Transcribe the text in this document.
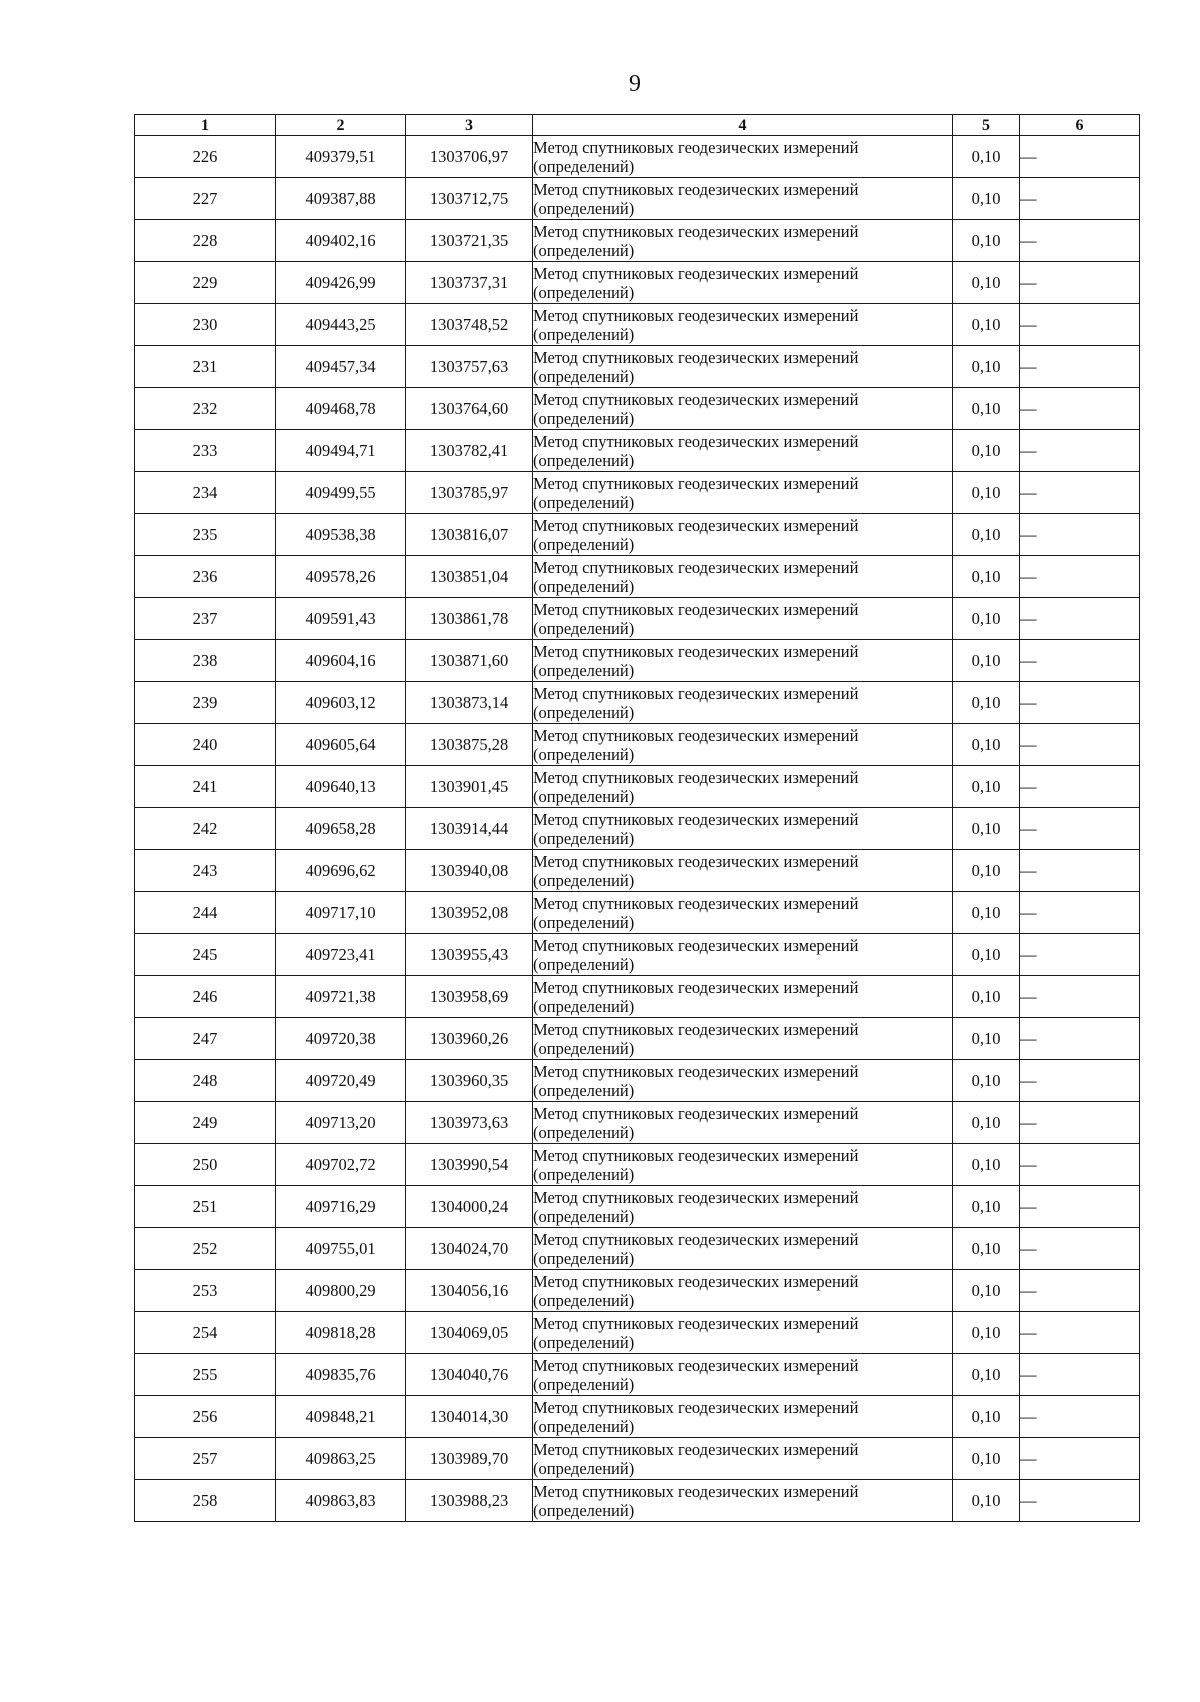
9
1	2	3	4	5	6
226	409379,51	1303706,97	Метод спутниковых геодезических измерений
(определений)	0,10	—
227	409387,88	1303712,75	Метод спутниковых геодезических измерений
(определений)	0,10	—
228	409402,16	1303721,35	Метод спутниковых геодезических измерений
(определений)	0,10	—
229	409426,99	1303737,31	Метод спутниковых геодезических измерений
(определений)	0,10	—
230	409443,25	1303748,52	Метод спутниковых геодезических измерений
(определений)	0,10	—
231	409457,34	1303757,63	Метод спутниковых геодезических измерений
(определений)	0,10	—
232	409468,78	1303764,60	Метод спутниковых геодезических измерений
(определений)	0,10	—
233	409494,71	1303782,41	Метод спутниковых геодезических измерений
(определений)	0,10	—
234	409499,55	1303785,97	Метод спутниковых геодезических измерений
(определений)	0,10	—
235	409538,38	1303816,07	Метод спутниковых геодезических измерений
(определений)	0,10	—
236	409578,26	1303851,04	Метод спутниковых геодезических измерений
(определений)	0,10	—
237	409591,43	1303861,78	Метод спутниковых геодезических измерений
(определений)	0,10	—
238	409604,16	1303871,60	Метод спутниковых геодезических измерений
(определений)	0,10	—
239	409603,12	1303873,14	Метод спутниковых геодезических измерений
(определений)	0,10	—
240	409605,64	1303875,28	Метод спутниковых геодезических измерений
(определений)	0,10	—
241	409640,13	1303901,45	Метод спутниковых геодезических измерений
(определений)	0,10	—
242	409658,28	1303914,44	Метод спутниковых геодезических измерений
(определений)	0,10	—
243	409696,62	1303940,08	Метод спутниковых геодезических измерений
(определений)	0,10	—
244	409717,10	1303952,08	Метод спутниковых геодезических измерений
(определений)	0,10	—
245	409723,41	1303955,43	Метод спутниковых геодезических измерений
(определений)	0,10	—
246	409721,38	1303958,69	Метод спутниковых геодезических измерений
(определений)	0,10	—
247	409720,38	1303960,26	Метод спутниковых геодезических измерений
(определений)	0,10	—
248	409720,49	1303960,35	Метод спутниковых геодезических измерений
(определений)	0,10	—
249	409713,20	1303973,63	Метод спутниковых геодезических измерений
(определений)	0,10	—
250	409702,72	1303990,54	Метод спутниковых геодезических измерений
(определений)	0,10	—
251	409716,29	1304000,24	Метод спутниковых геодезических измерений
(определений)	0,10	—
252	409755,01	1304024,70	Метод спутниковых геодезических измерений
(определений)	0,10	—
253	409800,29	1304056,16	Метод спутниковых геодезических измерений
(определений)	0,10	—
254	409818,28	1304069,05	Метод спутниковых геодезических измерений
(определений)	0,10	—
255	409835,76	1304040,76	Метод спутниковых геодезических измерений
(определений)	0,10	—
256	409848,21	1304014,30	Метод спутниковых геодезических измерений
(определений)	0,10	—
257	409863,25	1303989,70	Метод спутниковых геодезических измерений
(определений)	0,10	—
258	409863,83	1303988,23	Метод спутниковых геодезических измерений
(определений)	0,10	—
